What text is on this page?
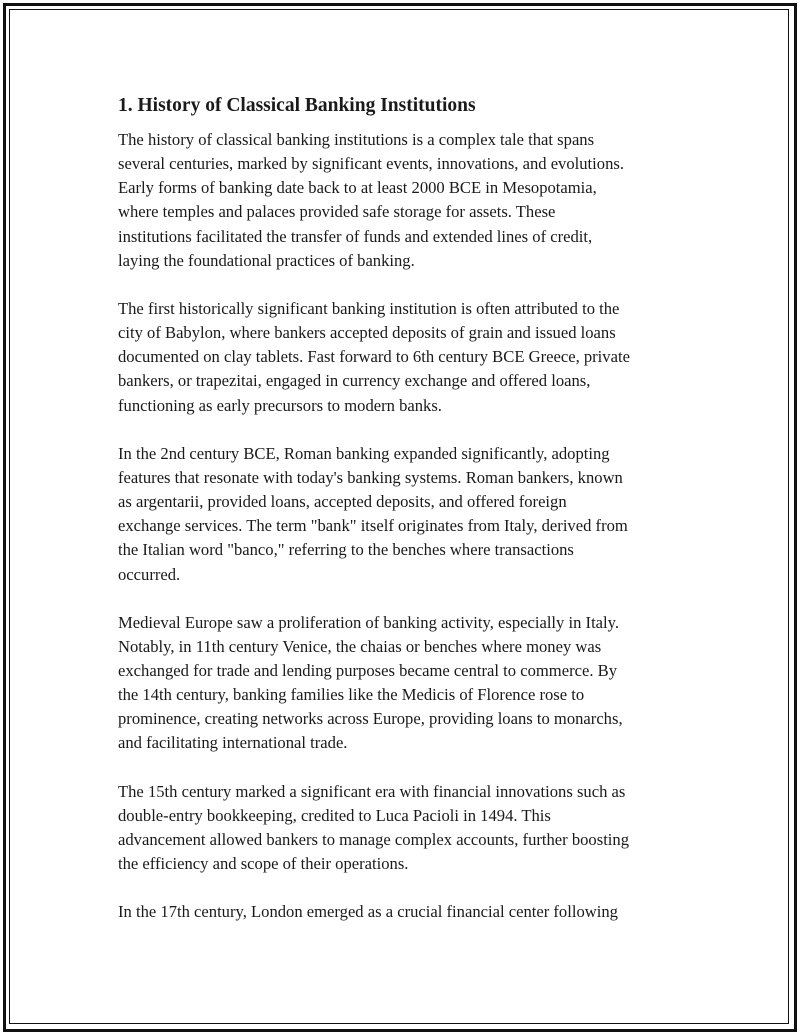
1. History of Classical Banking Institutions

The history of classical banking institutions is a complex tale that spans
several centuries, marked by significant events, innovations, and evolutions.
Early forms of banking date back to at least 2000 BCE in Mesopotamia,
where temples and palaces provided safe storage for assets. These
institutions facilitated the transfer of funds and extended lines of credit,
laying the foundational practices of banking.

The first historically significant banking institution is often attributed to the
city of Babylon, where bankers accepted deposits of grain and issued loans
documented on clay tablets. Fast forward to 6th century BCE Greece, private
bankers, or trapezitai, engaged in currency exchange and offered loans,
functioning as early precursors to modern banks.

In the 2nd century BCE, Roman banking expanded significantly, adopting
features that resonate with today's banking systems. Roman bankers, known
as argentarii, provided loans, accepted deposits, and offered foreign
exchange services. The term "bank" itself originates from Italy, derived from
the Italian word "banco," referring to the benches where transactions
occurred.

Medieval Europe saw a proliferation of banking activity, especially in Italy.
Notably, in 11th century Venice, the chaias or benches where money was
exchanged for trade and lending purposes became central to commerce. By
the 14th century, banking families like the Medicis of Florence rose to
prominence, creating networks across Europe, providing loans to monarchs,
and facilitating international trade.

The 15th century marked a significant era with financial innovations such as
double-entry bookkeeping, credited to Luca Pacioli in 1494. This
advancement allowed bankers to manage complex accounts, further boosting
the efficiency and scope of their operations.

In the 17th century, London emerged as a crucial financial center following
